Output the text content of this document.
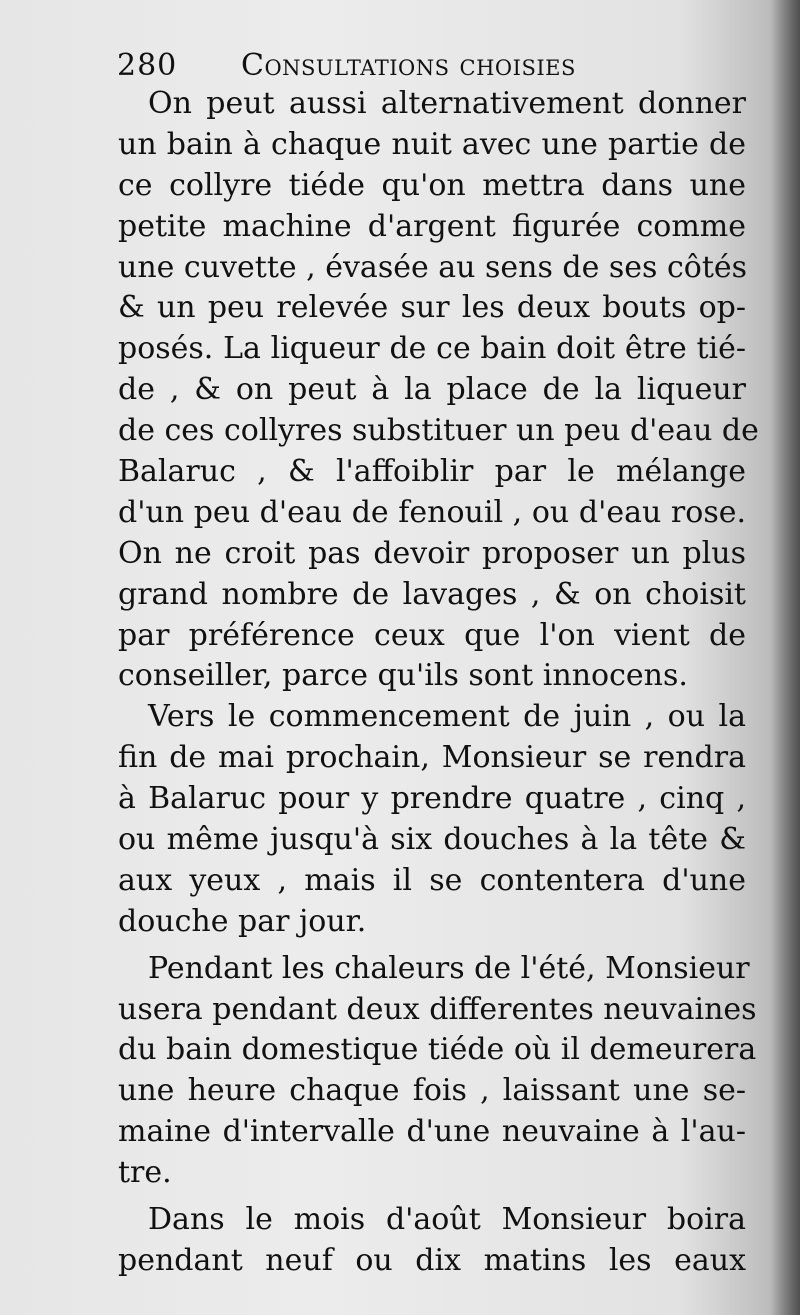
280 Consultations choisies
On peut aussi alternativement donner
un bain à chaque nuit avec une partie de
ce collyre tiéde qu'on mettra dans une
petite machine d'argent figurée comme
une cuvette , évasée au sens de ses côtés
& un peu relevée sur les deux bouts op-
posés. La liqueur de ce bain doit être tié-
de , & on peut à la place de la liqueur
de ces collyres substituer un peu d'eau de
Balaruc , & l'affoiblir par le mélange
d'un peu d'eau de fenouil , ou d'eau rose.
On ne croit pas devoir proposer un plus
grand nombre de lavages , & on choisit
par préférence ceux que l'on vient de
conseiller, parce qu'ils sont innocens.
Vers le commencement de juin , ou la
fin de mai prochain, Monsieur se rendra
à Balaruc pour y prendre quatre , cinq ,
ou même jusqu'à six douches à la tête &
aux yeux , mais il se contentera d'une
douche par jour.
Pendant les chaleurs de l'été, Monsieur
usera pendant deux differentes neuvaines
du bain domestique tiéde où il demeurera
une heure chaque fois , laissant une se-
maine d'intervalle d'une neuvaine à l'au-
tre.
Dans le mois d'août Monsieur boira
pendant neuf ou dix matins les eaux
